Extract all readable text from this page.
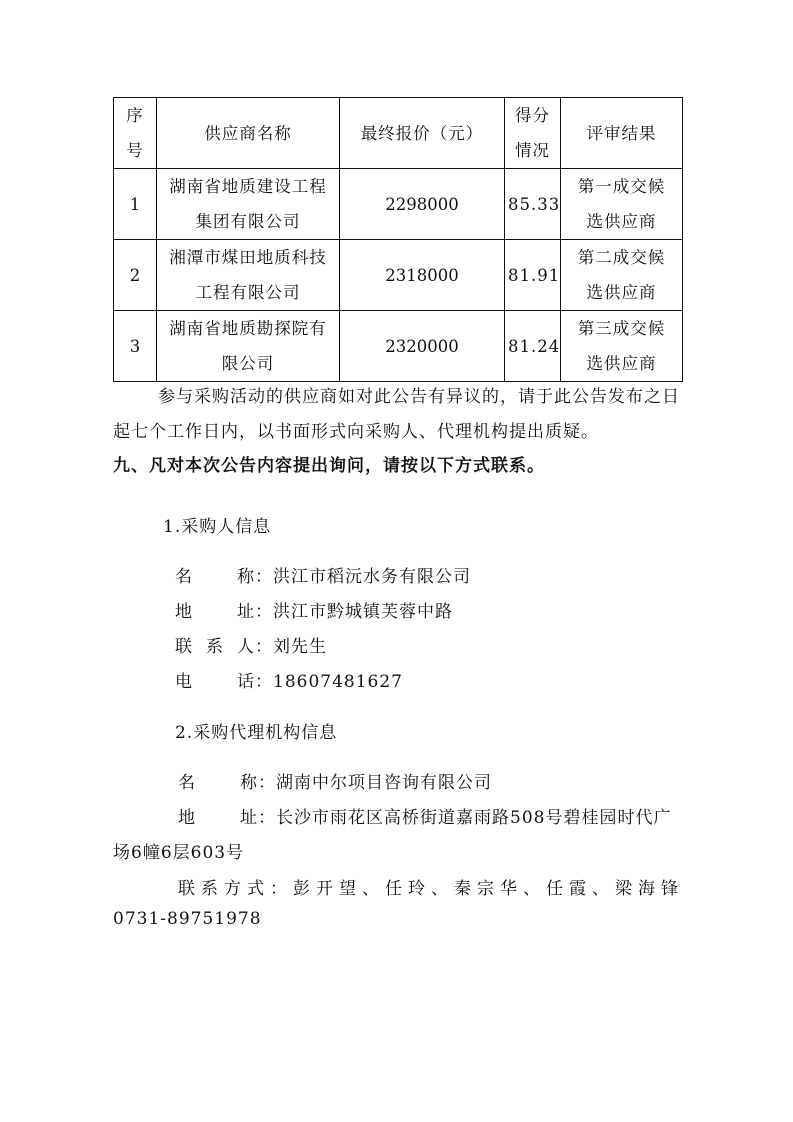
序号	供应商名称	最终报价（元）	得分情况	评审结果
1	湖南省地质建设工程集团有限公司	2298000	85.33	第一成交候选供应商
2	湘潭市煤田地质科技工程有限公司	2318000	81.91	第二成交候选供应商
3	湖南省地质勘探院有限公司	2320000	81.24	第三成交候选供应商
参与采购活动的供应商如对此公告有异议的，请于此公告发布之日起七个工作日内，以书面形式向采购人、代理机构提出质疑。
九、凡对本次公告内容提出询问，请按以下方式联系。
1.采购人信息
名　　称：洪江市稻沅水务有限公司
地　　址：洪江市黔城镇芙蓉中路
联 系 人：刘先生
电　　话：18607481627
2.采购代理机构信息
名　　称：湖南中尔项目咨询有限公司
地　　址：长沙市雨花区高桥街道嘉雨路508号碧桂园时代广
场6幢6层603号
联系方式：彭开望、任玲、秦宗华、任霞、梁海锋
0731-89751978
